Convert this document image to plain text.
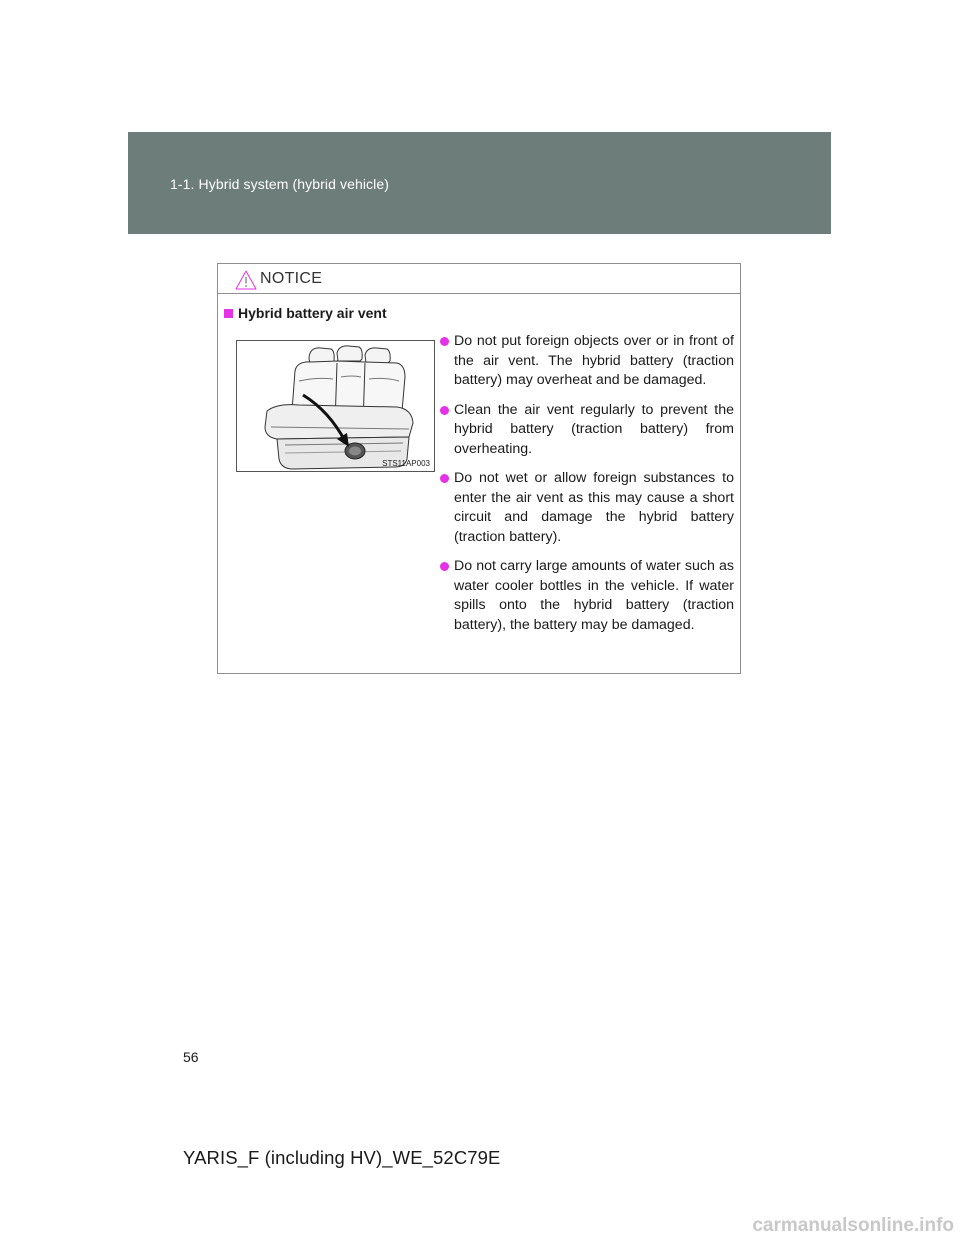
1-1. Hybrid system (hybrid vehicle)
NOTICE
Hybrid battery air vent
STS11AP003
Do not put foreign objects over or in front of the air vent. The hybrid battery (traction battery) may overheat and be damaged.
Clean the air vent regularly to prevent the hybrid battery (traction battery) from overheating.
Do not wet or allow foreign substances to enter the air vent as this may cause a short circuit and damage the hybrid battery (traction battery).
Do not carry large amounts of water such as water cooler bottles in the vehicle. If water spills onto the hybrid battery (traction battery), the battery may be damaged.
56
YARIS_F (including HV)_WE_52C79E
carmanualsonline.info
